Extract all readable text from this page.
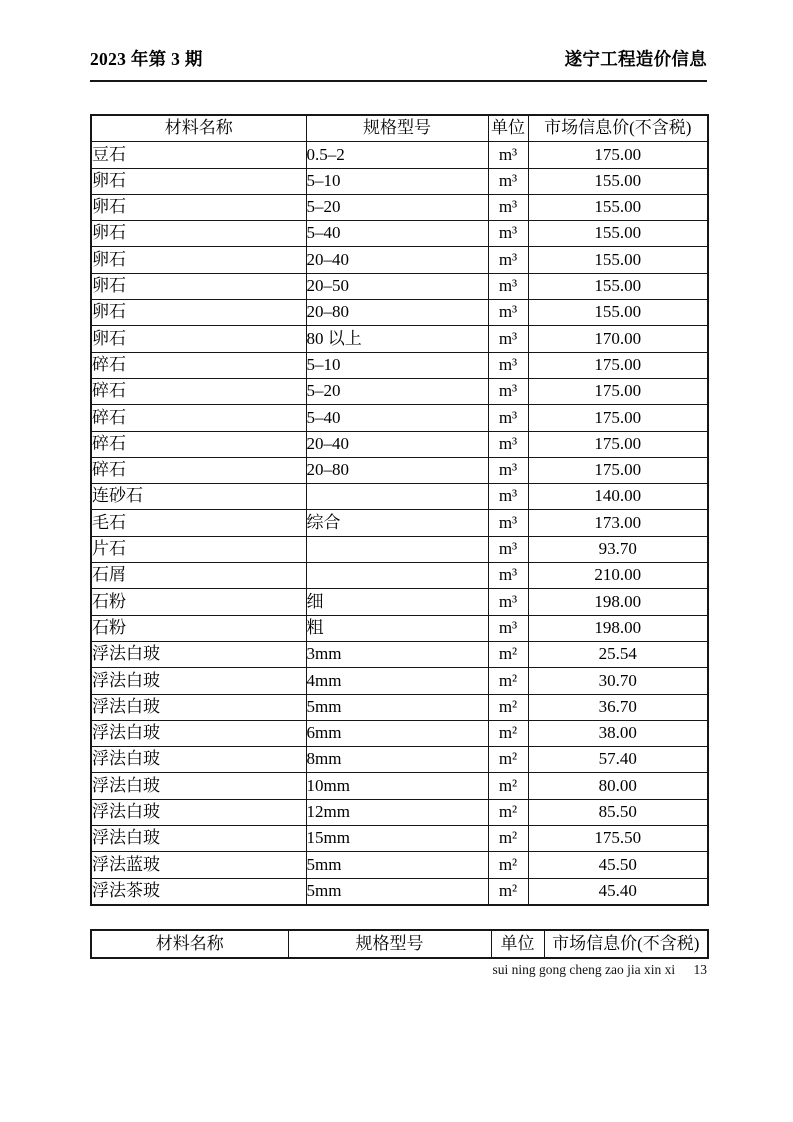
2023 年第 3 期	遂宁工程造价信息
材料名称	规格型号	单位	市场信息价(不含税)
豆石	0.5–2	m³	175.00
卵石	5–10	m³	155.00
卵石	5–20	m³	155.00
卵石	5–40	m³	155.00
卵石	20–40	m³	155.00
卵石	20–50	m³	155.00
卵石	20–80	m³	155.00
卵石	80 以上	m³	170.00
碎石	5–10	m³	175.00
碎石	5–20	m³	175.00
碎石	5–40	m³	175.00
碎石	20–40	m³	175.00
碎石	20–80	m³	175.00
连砂石		m³	140.00
毛石	综合	m³	173.00
片石		m³	93.70
石屑		m³	210.00
石粉	细	m³	198.00
石粉	粗	m³	198.00
浮法白玻	3mm	m²	25.54
浮法白玻	4mm	m²	30.70
浮法白玻	5mm	m²	36.70
浮法白玻	6mm	m²	38.00
浮法白玻	8mm	m²	57.40
浮法白玻	10mm	m²	80.00
浮法白玻	12mm	m²	85.50
浮法白玻	15mm	m²	175.50
浮法蓝玻	5mm	m²	45.50
浮法茶玻	5mm	m²	45.40
材料名称	规格型号	单位	市场信息价(不含税)
sui ning gong cheng zao jia xin xi 13
